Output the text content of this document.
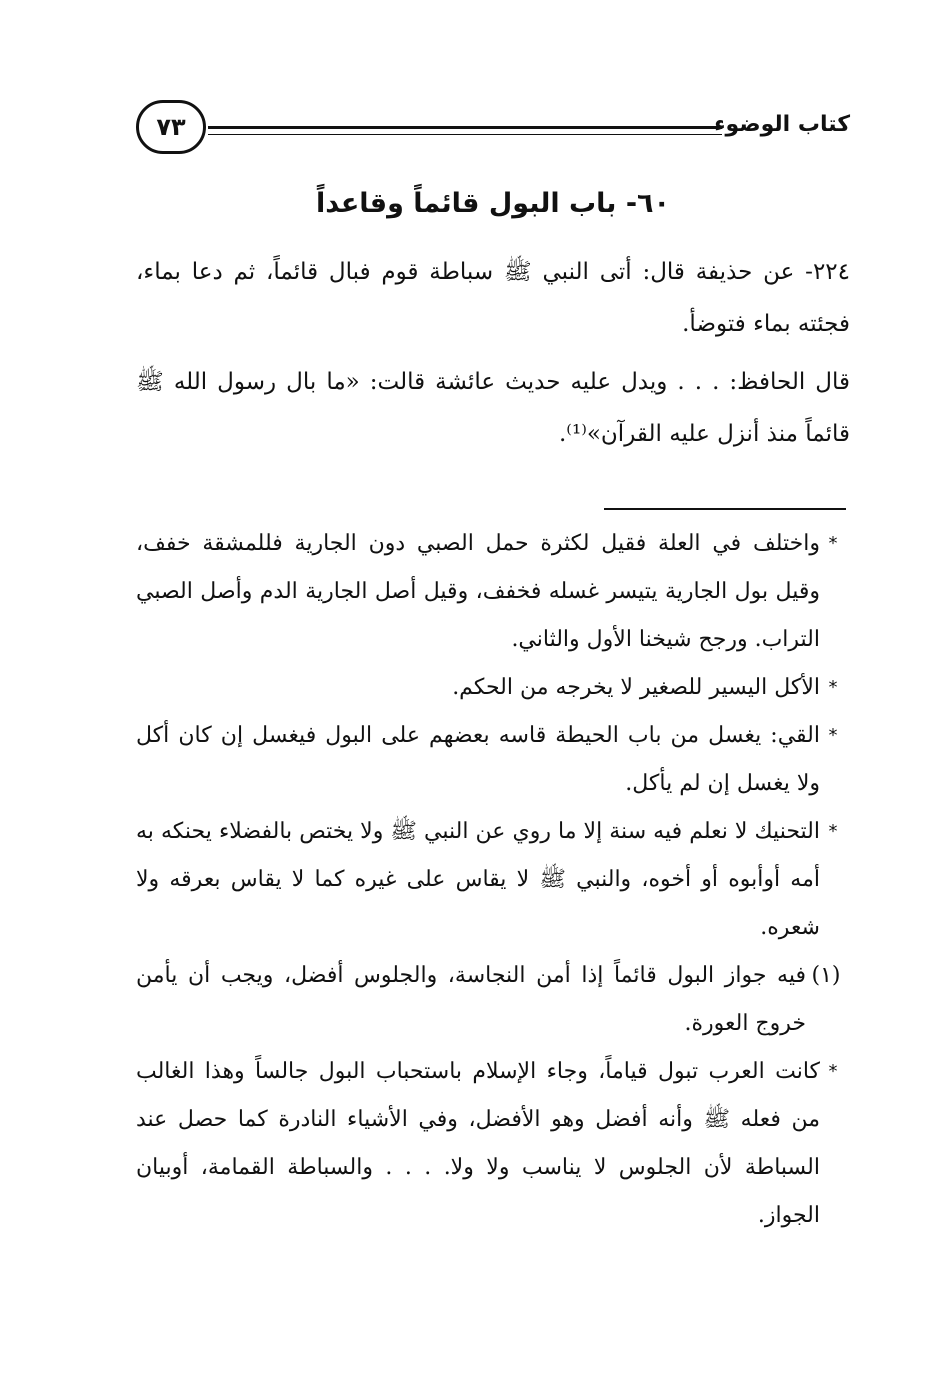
كتاب الوضوء
٧٣
٦٠- باب البول قائماً وقاعداً

٢٢٤- عن حذيفة قال: أتى النبي ﷺ سباطة قوم فبال قائماً، ثم دعا بماء، فجئته بماء فتوضأ.

قال الحافظ: . . . ويدل عليه حديث عائشة قالت: «ما بال رسول الله ﷺ قائماً منذ أنزل عليه القرآن»⁽¹⁾.

*
واختلف في العلة فقيل لكثرة حمل الصبي دون الجارية فللمشقة خفف، وقيل بول الجارية يتيسر غسله فخفف، وقيل أصل الجارية الدم وأصل الصبي التراب. ورجح شيخنا الأول والثاني.
*
الأكل اليسير للصغير لا يخرجه من الحكم.
*
القي: يغسل من باب الحيطة قاسه بعضهم على البول فيغسل إن كان أكل ولا يغسل إن لم يأكل.
*
التحنيك لا نعلم فيه سنة إلا ما روي عن النبي ﷺ ولا يختص بالفضلاء يحنكه به أمه أوأبوه أو أخوه، والنبي ﷺ لا يقاس على غيره كما لا يقاس بعرقه ولا شعره.
(١)
فيه جواز البول قائماً إذا أمن النجاسة، والجلوس أفضل، ويجب أن يأمن خروج العورة.
*
كانت العرب تبول قياماً، وجاء الإسلام باستحباب البول جالساً وهذا الغالب من فعله ﷺ وأنه أفضل وهو الأفضل، وفي الأشياء النادرة كما حصل عند السباطة لأن الجلوس لا يناسب ولا ولا. . . . والسباطة القمامة، أوبيان الجواز.
